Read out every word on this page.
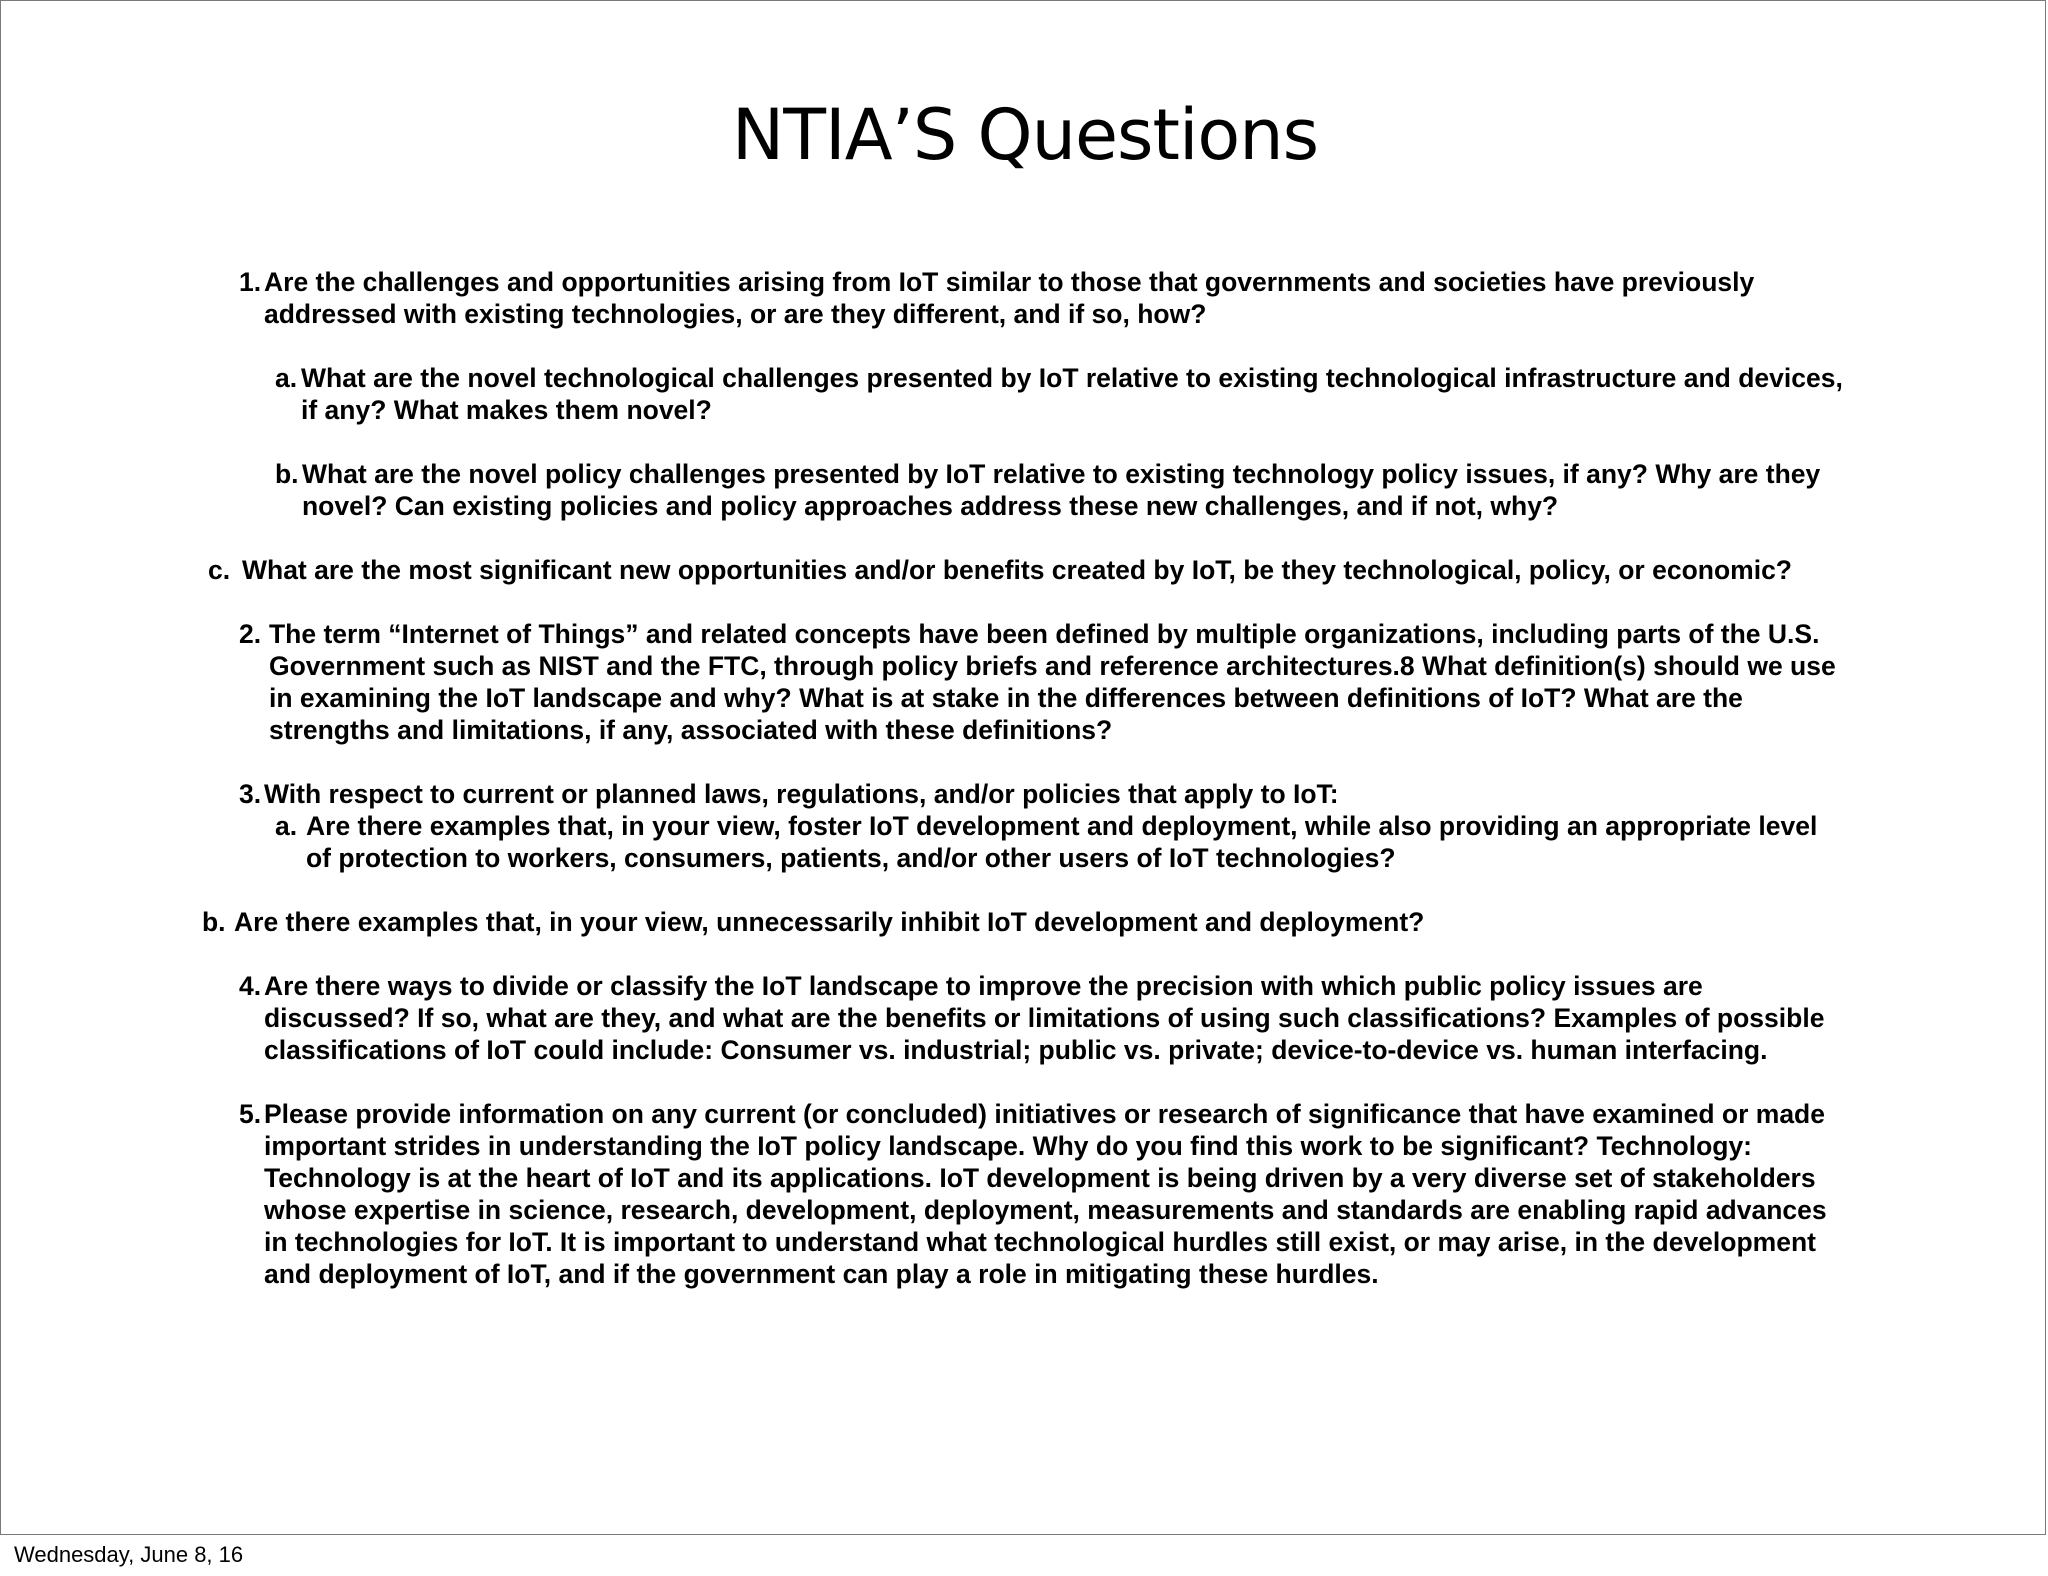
NTIA’S Questions
1. Are the challenges and opportunities arising from IoT similar to those that governments and societies have previously
addressed with existing technologies, or are they different, and if so, how?
a. What are the novel technological challenges presented by IoT relative to existing technological infrastructure and devices,
if any? What makes them novel?
b. What are the novel policy challenges presented by IoT relative to existing technology policy issues, if any? Why are they
novel? Can existing policies and policy approaches address these new challenges, and if not, why?
c. What are the most significant new opportunities and/or benefits created by IoT, be they technological, policy, or economic?
2. The term “Internet of Things” and related concepts have been defined by multiple organizations, including parts of the U.S.
Government such as NIST and the FTC, through policy briefs and reference architectures.8 What definition(s) should we use
in examining the IoT landscape and why? What is at stake in the differences between definitions of IoT? What are the
strengths and limitations, if any, associated with these definitions?
3. With respect to current or planned laws, regulations, and/or policies that apply to IoT:
a. Are there examples that, in your view, foster IoT development and deployment, while also providing an appropriate level
of protection to workers, consumers, patients, and/or other users of IoT technologies?
b. Are there examples that, in your view, unnecessarily inhibit IoT development and deployment?
4. Are there ways to divide or classify the IoT landscape to improve the precision with which public policy issues are
discussed? If so, what are they, and what are the benefits or limitations of using such classifications? Examples of possible
classifications of IoT could include: Consumer vs. industrial; public vs. private; device-to-device vs. human interfacing.
5. Please provide information on any current (or concluded) initiatives or research of significance that have examined or made
important strides in understanding the IoT policy landscape. Why do you find this work to be significant? Technology:
Technology is at the heart of IoT and its applications. IoT development is being driven by a very diverse set of stakeholders
whose expertise in science, research, development, deployment, measurements and standards are enabling rapid advances
in technologies for IoT. It is important to understand what technological hurdles still exist, or may arise, in the development
and deployment of IoT, and if the government can play a role in mitigating these hurdles.
Wednesday, June 8, 16
